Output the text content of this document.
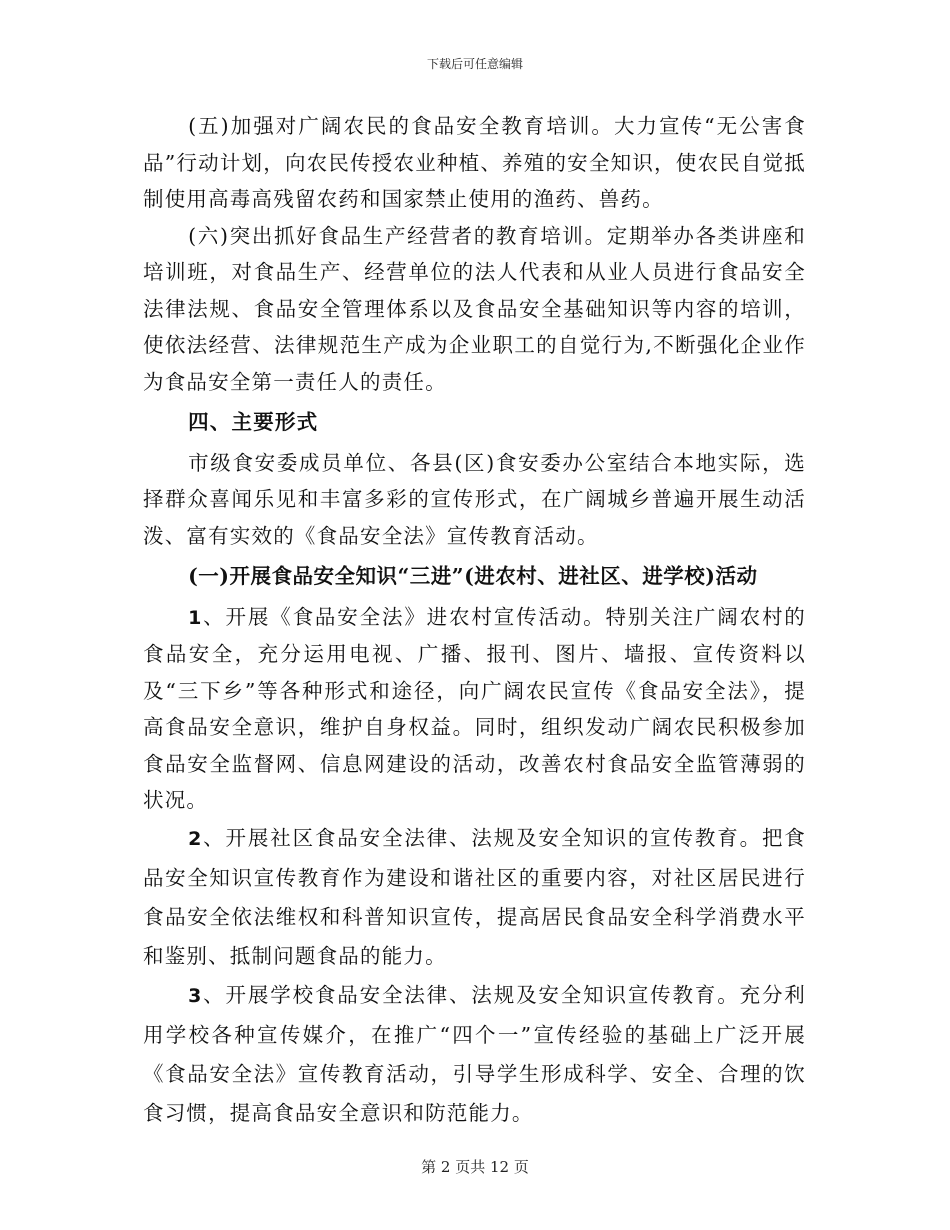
下载后可任意编辑

(五)加强对广阔农民的食品安全教育培训。大力宣传“无公害食品”行动计划，向农民传授农业种植、养殖的安全知识，使农民自觉抵制使用高毒高残留农药和国家禁止使用的渔药、兽药。

(六)突出抓好食品生产经营者的教育培训。定期举办各类讲座和培训班，对食品生产、经营单位的法人代表和从业人员进行食品安全法律法规、食品安全管理体系以及食品安全基础知识等内容的培训，使依法经营、法律规范生产成为企业职工的自觉行为,不断强化企业作为食品安全第一责任人的责任。

四、主要形式

市级食安委成员单位、各县(区)食安委办公室结合本地实际，选择群众喜闻乐见和丰富多彩的宣传形式，在广阔城乡普遍开展生动活泼、富有实效的《食品安全法》宣传教育活动。

(一)开展食品安全知识“三进”(进农村、进社区、进学校)活动

1、开展《食品安全法》进农村宣传活动。特别关注广阔农村的食品安全，充分运用电视、广播、报刊、图片、墙报、宣传资料以及“三下乡”等各种形式和途径，向广阔农民宣传《食品安全法》，提高食品安全意识，维护自身权益。同时，组织发动广阔农民积极参加食品安全监督网、信息网建设的活动，改善农村食品安全监管薄弱的状况。

2、开展社区食品安全法律、法规及安全知识的宣传教育。把食品安全知识宣传教育作为建设和谐社区的重要内容，对社区居民进行食品安全依法维权和科普知识宣传，提高居民食品安全科学消费水平和鉴别、抵制问题食品的能力。

3、开展学校食品安全法律、法规及安全知识宣传教育。充分利用学校各种宣传媒介，在推广“四个一”宣传经验的基础上广泛开展《食品安全法》宣传教育活动，引导学生形成科学、安全、合理的饮食习惯，提高食品安全意识和防范能力。

第 2 页共 12 页
